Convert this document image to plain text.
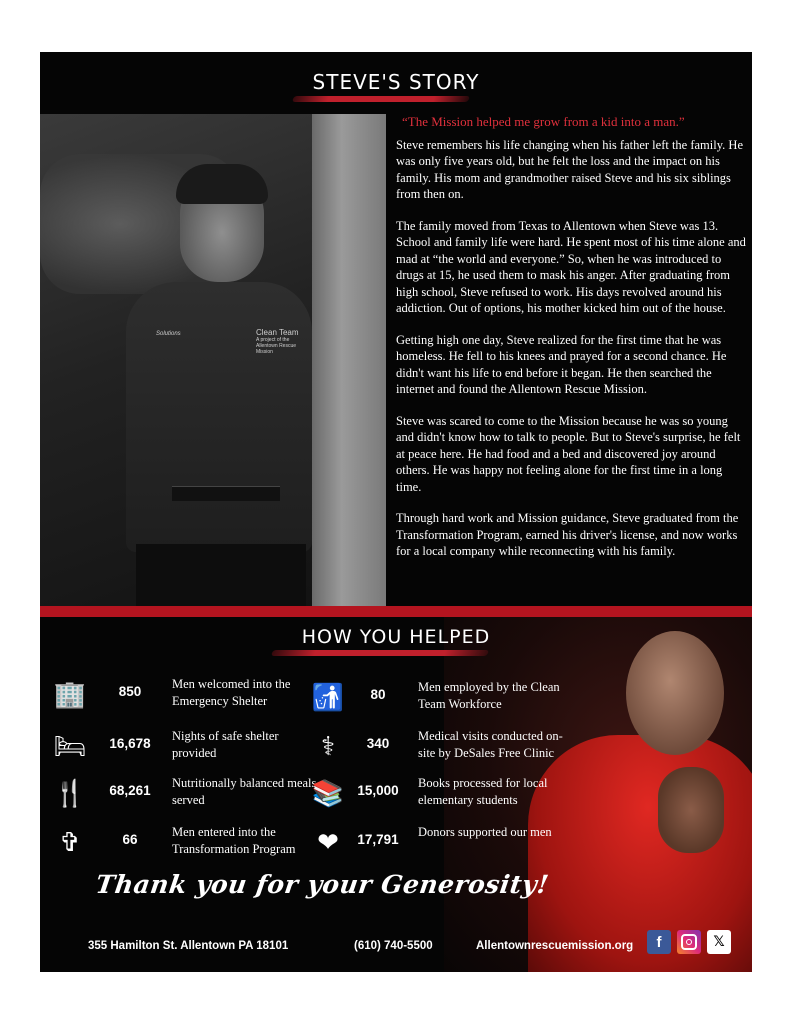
STEVE'S STORY
Solutions	Clean Team
A project of the Allentown Rescue Mission
“The Mission helped me grow from a kid into a man.”

Steve remembers his life changing when his father left the family. He was only five years old, but he felt the loss and the impact on his family. His mom and grandmother raised Steve and his six siblings from then on.

The family moved from Texas to Allentown when Steve was 13. School and family life were hard. He spent most of his time alone and mad at “the world and everyone.” So, when he was introduced to drugs at 15, he used them to mask his anger. After graduating from high school, Steve refused to work. His days revolved around his addiction. Out of options, his mother kicked him out of the house.

Getting high one day, Steve realized for the first time that he was homeless. He fell to his knees and prayed for a second chance. He didn't want his life to end before it began. He then searched the internet and found the Allentown Rescue Mission.

Steve was scared to come to the Mission because he was so young and didn't know how to talk to people. But to Steve's surprise, he felt at peace here. He had food and a bed and discovered joy around others. He was happy not feeling alone for the first time in a long time.

Through hard work and Mission guidance, Steve graduated from the Transformation Program, earned his driver's license, and now works for a local company while reconnecting with his family.

HOW YOU HELPED
🏢	850	Men welcomed into the Emergency Shelter
🛏	16,678	Nights of safe shelter provided
🍴	68,261	Nutritionally balanced meals served
✞	66	Men entered into the Transformation Program
🚮	80	Men employed by the Clean Team Workforce
⚕	340	Medical visits conducted on-site by DeSales Free Clinic
📚 15,000	Books processed for local elementary students
❤	17,791	Donors supported our men
Thank you for your Generosity!
355 Hamilton St. Allentown PA 18101	(610) 740-5500	Allentownrescuemission.org	f	𝕏
